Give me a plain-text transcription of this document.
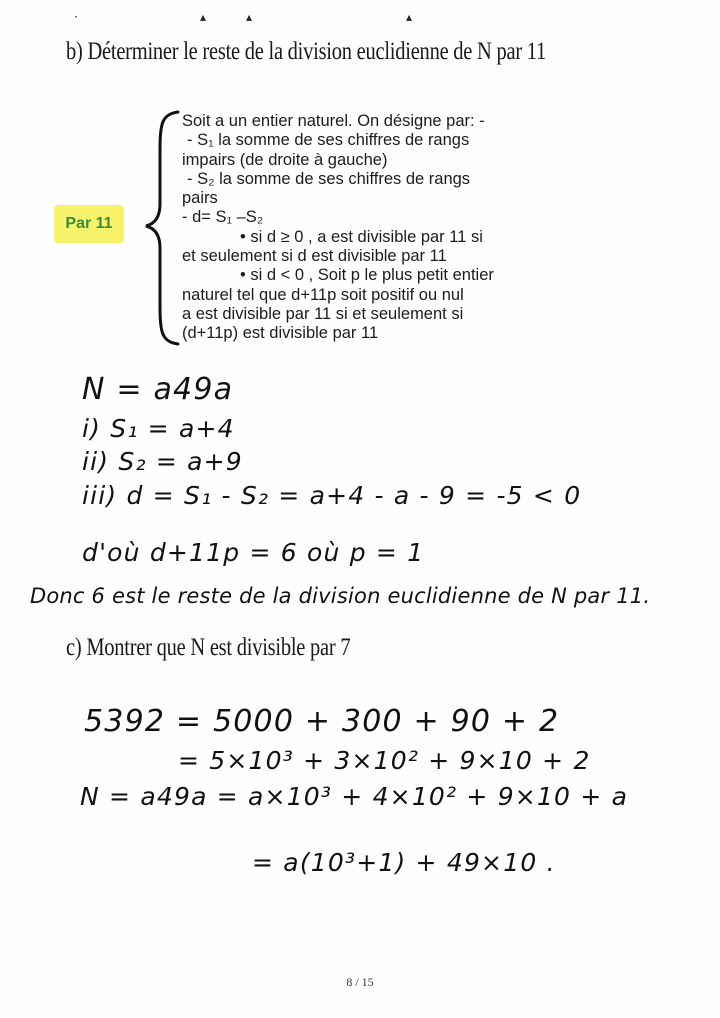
·	▴	▴	▴
b) Déterminer le reste de la division euclidienne de N par 11
Par 11
Soit a un entier naturel. On désigne par: -
- S₁ la somme de ses chiffres de rangs
impairs (de droite à gauche)
- S₂ la somme de ses chiffres de rangs
pairs
- d= S₁ –S₂
• si d ≥ 0 , a est divisible par 11 si
et seulement si d est divisible par 11
• si d < 0 , Soit p le plus petit entier
naturel tel que d+11p soit positif ou nul
a est divisible par 11 si et seulement si
(d+11p) est divisible par 11
N = a49a
i) S₁ = a+4
ii) S₂ = a+9
iii) d = S₁ - S₂ = a+4 - a - 9 = -5 < 0
d'où d+11p = 6 où p = 1
Donc 6 est le reste de la division euclidienne de N par 11.
c) Montrer que N est divisible par 7
5392 = 5000 + 300 + 90 + 2
= 5×10³ + 3×10² + 9×10 + 2
N = a49a = a×10³ + 4×10² + 9×10 + a
= a(10³+1) + 49×10 .
8 / 15
